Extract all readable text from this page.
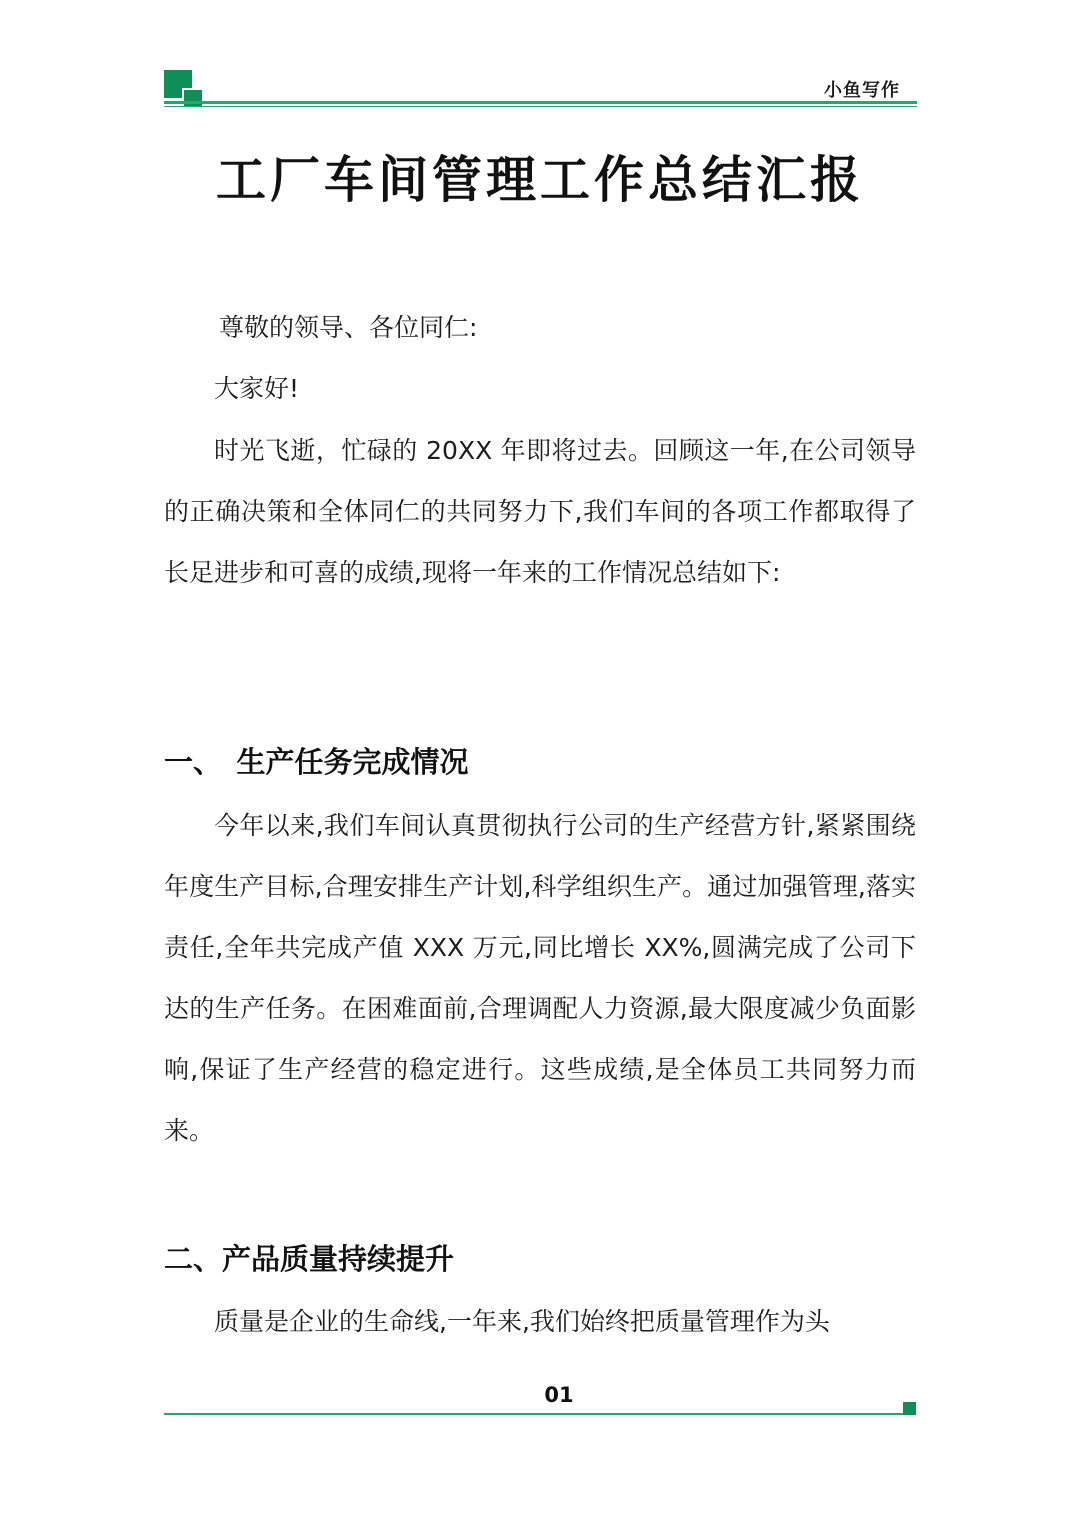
小鱼写作
工厂车间管理工作总结汇报
尊敬的领导、各位同仁:
大家好!
时光飞逝，忙碌的 20XX 年即将过去。回顾这一年,在公司领导的正确决策和全体同仁的共同努力下,我们车间的各项工作都取得了长足进步和可喜的成绩,现将一年来的工作情况总结如下:
一、　生产任务完成情况
今年以来,我们车间认真贯彻执行公司的生产经营方针,紧紧围绕年度生产目标,合理安排生产计划,科学组织生产。通过加强管理,落实责任,全年共完成产值 XXX 万元,同比增长 XX%,圆满完成了公司下达的生产任务。在困难面前,合理调配人力资源,最大限度减少负面影响,保证了生产经营的稳定进行。这些成绩,是全体员工共同努力而来。
二、产品质量持续提升
质量是企业的生命线,一年来,我们始终把质量管理作为头
01
